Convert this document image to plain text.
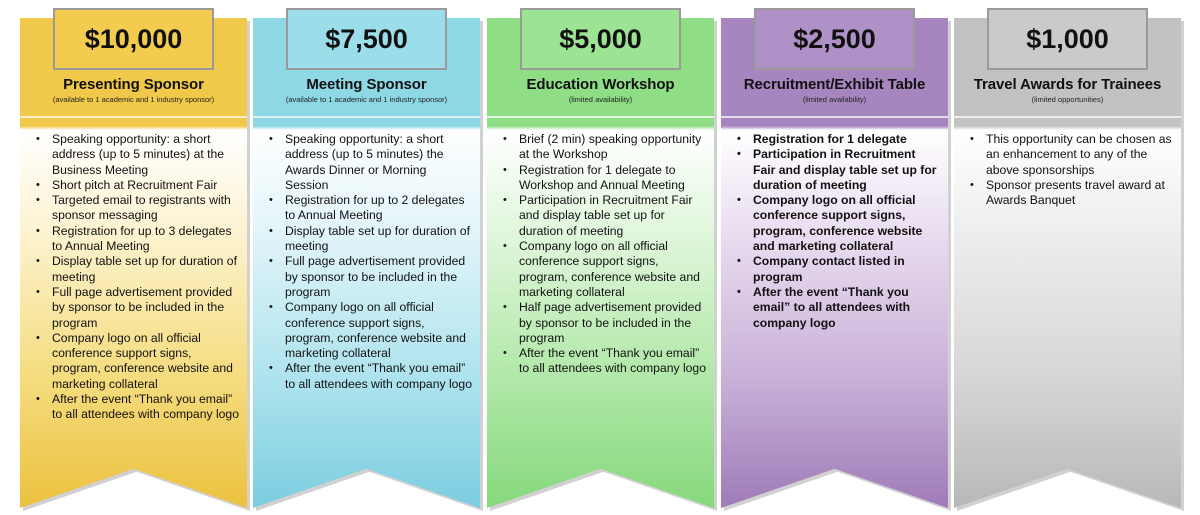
$10,000
Presenting Sponsor
(available to 1 academic and 1 industry sponsor)
• Speaking opportunity: a short address (up to 5 minutes) at the Business Meeting
• Short pitch at Recruitment Fair
• Targeted email to registrants with sponsor messaging
• Registration for up to 3 delegates to Annual Meeting
• Display table set up for duration of meeting
• Full page advertisement provided by sponsor to be included in the program
• Company logo on all official conference support signs, program, conference website and marketing collateral
• After the event “Thank you email” to all attendees with company logo
$7,500
Meeting Sponsor
(available to 1 academic and 1 industry sponsor)
• Speaking opportunity: a short address (up to 5 minutes) the Awards Dinner or Morning Session
• Registration for up to 2 delegates to Annual Meeting
• Display table set up for duration of meeting
• Full page advertisement provided by sponsor to be included in the program
• Company logo on all official conference support signs, program, conference website and marketing collateral
• After the event “Thank you email” to all attendees with company logo
$5,000
Education Workshop
(limited availability)
• Brief (2 min) speaking opportunity at the Workshop
• Registration for 1 delegate to Workshop and Annual Meeting
• Participation in Recruitment Fair and display table set up for duration of meeting
• Company logo on all official conference support signs, program, conference website and marketing collateral
• Half page advertisement provided by sponsor to be included in the program
• After the event “Thank you email” to all attendees with company logo
$2,500
Recruitment/Exhibit Table
(limited availability)
• Registration for 1 delegate
• Participation in Recruitment Fair and display table set up for duration of meeting
• Company logo on all official conference support signs, program, conference website and marketing collateral
• Company contact listed in program
• After the event “Thank you email” to all attendees with company logo
$1,000
Travel Awards for Trainees
(limited opportunities)
• This opportunity can be chosen as an enhancement to any of the above sponsorships
• Sponsor presents travel award at Awards Banquet
